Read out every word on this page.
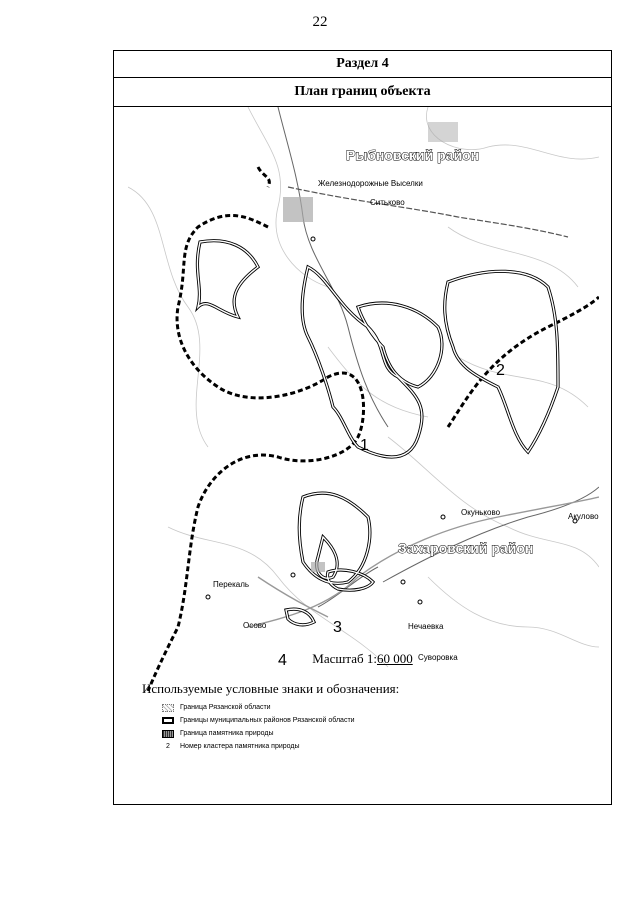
22
Раздел 4
План границ объекта
Рыбновский район
Захаровский район
Железнодорожные Выселки
Ситьково
Окуньково	Акулово
Перекаль
Осово	Нечаевка
Суворовка
1
2
3
4	Масштаб 1:60 000
Используемые условные знаки и обозначения:
Граница Рязанской области
Границы муниципальных районов Рязанской области
Граница памятника природы
2	Номер кластера памятника природы
